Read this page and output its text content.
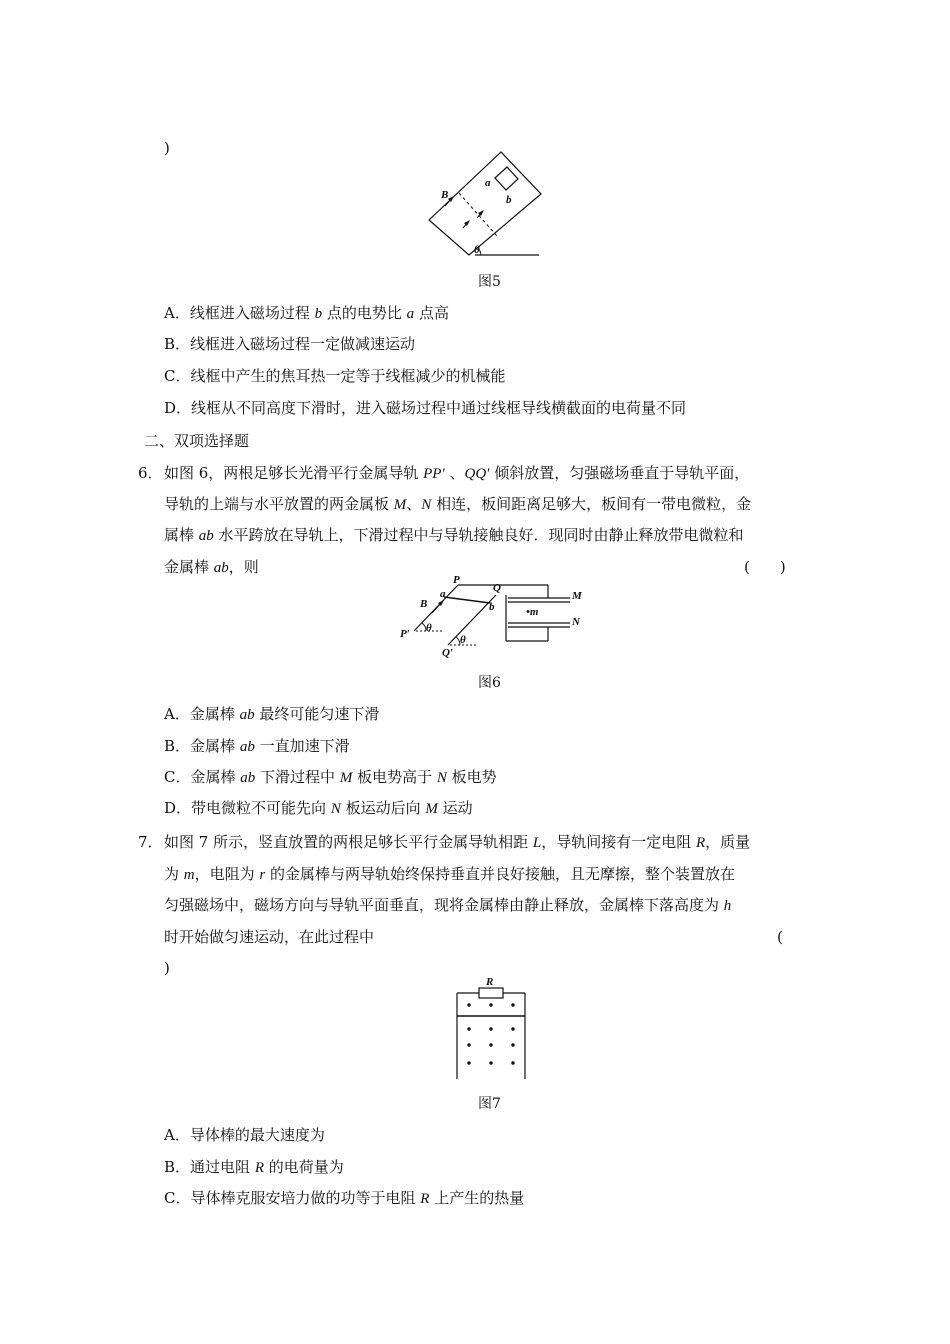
)
B
a
b
θ
图5
A．线框进入磁场过程 b 点的电势比 a 点高
B．线框进入磁场过程一定做减速运动
C．线框中产生的焦耳热一定等于线框减少的机械能
D．线框从不同高度下滑时，进入磁场过程中通过线框导线横截面的电荷量不同
二、双项选择题
6． 如图 6，两根足够长光滑平行金属导轨 PP′ 、QQ′ 倾斜放置，匀强磁场垂直于导轨平面，
导轨的上端与水平放置的两金属板 M、N 相连，板间距离足够大，板间有一带电微粒，金
属棒 ab 水平跨放在导轨上，下滑过程中与导轨接触良好．现同时由静止释放带电微粒和
金属棒 ab，则	(　　)
P
Q
a
b
B
P′
Q′
θ
θ
M
N
•m
图6
A．金属棒 ab 最终可能匀速下滑
B．金属棒 ab 一直加速下滑
C．金属棒 ab 下滑过程中 M 板电势高于 N 板电势
D．带电微粒不可能先向 N 板运动后向 M 运动
7． 如图 7 所示，竖直放置的两根足够长平行金属导轨相距 L，导轨间接有一定电阻 R，质量
为 m，电阻为 r 的金属棒与两导轨始终保持垂直并良好接触，且无摩擦，整个装置放在
匀强磁场中，磁场方向与导轨平面垂直，现将金属棒由静止释放，金属棒下落高度为 h
时开始做匀速运动，在此过程中	(
)
R
图7
A．导体棒的最大速度为
B．通过电阻 R 的电荷量为
C．导体棒克服安培力做的功等于电阻 R 上产生的热量
